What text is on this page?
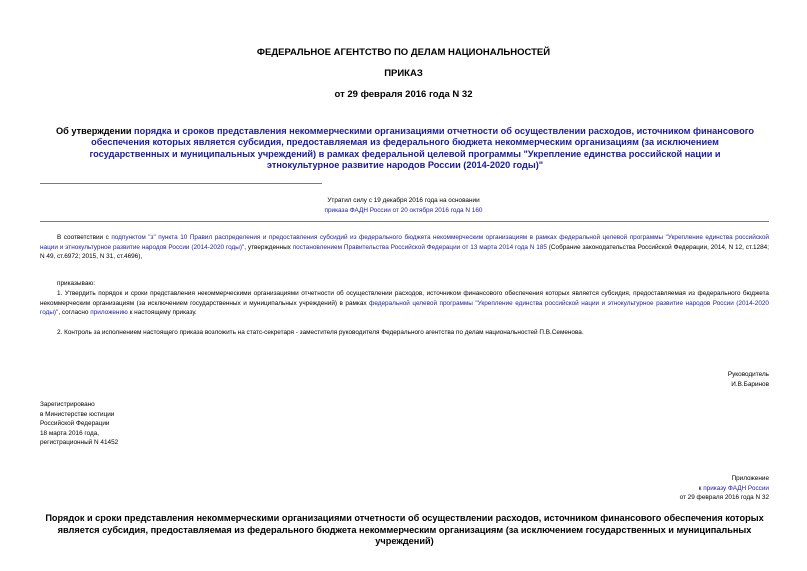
ФЕДЕРАЛЬНОЕ АГЕНТСТВО ПО ДЕЛАМ НАЦИОНАЛЬНОСТЕЙ
ПРИКАЗ
от 29 февраля 2016 года N 32
Об утверждении порядка и сроков представления некоммерческими организациями отчетности об осуществлении расходов, источником финансового обеспечения которых является субсидия, предоставляемая из федерального бюджета некоммерческим организациям (за исключением государственных и муниципальных учреждений) в рамках федеральной целевой программы "Укрепление единства российской нации и этнокультурное развитие народов России (2014-2020 годы)"
Утратил силу с 19 декабря 2016 года на основании
приказа ФАДН России от 20 октября 2016 года N 160
В соответствии с подпунктом "з" пункта 10 Правил распределения и предоставления субсидий из федерального бюджета некоммерческим организациям в рамках федеральной целевой программы "Укрепление единства российской нации и этнокультурное развитие народов России (2014-2020 годы)", утвержденных постановлением Правительства Российской Федерации от 13 марта 2014 года N 185 (Собрание законодательства Российской Федерации, 2014, N 12, ст.1284; N 49, ст.6972; 2015, N 31, ст.4696),
приказываю:
1. Утвердить порядок и сроки представления некоммерческими организациями отчетности об осуществлении расходов, источником финансового обеспечения которых является субсидия, предоставляемая из федерального бюджета некоммерческим организациям (за исключением государственных и муниципальных учреждений) в рамках федеральной целевой программы "Укрепление единства российской нации и этнокультурное развитие народов России (2014-2020 годы)", согласно приложению к настоящему приказу.
2. Контроль за исполнением настоящего приказа возложить на статс-секретаря - заместителя руководителя Федерального агентства по делам национальностей П.В.Семенова.
Руководитель
И.В.Баринов
Зарегистрировано
в Министерстве юстиции
Российской Федерации
18 марта 2016 года,
регистрационный N 41452
Приложение
к приказу ФАДН России
от 29 февраля 2016 года N 32
Порядок и сроки представления некоммерческими организациями отчетности об осуществлении расходов, источником финансового обеспечения которых является субсидия, предоставляемая из федерального бюджета некоммерческим организациям (за исключением государственных и муниципальных учреждений)
